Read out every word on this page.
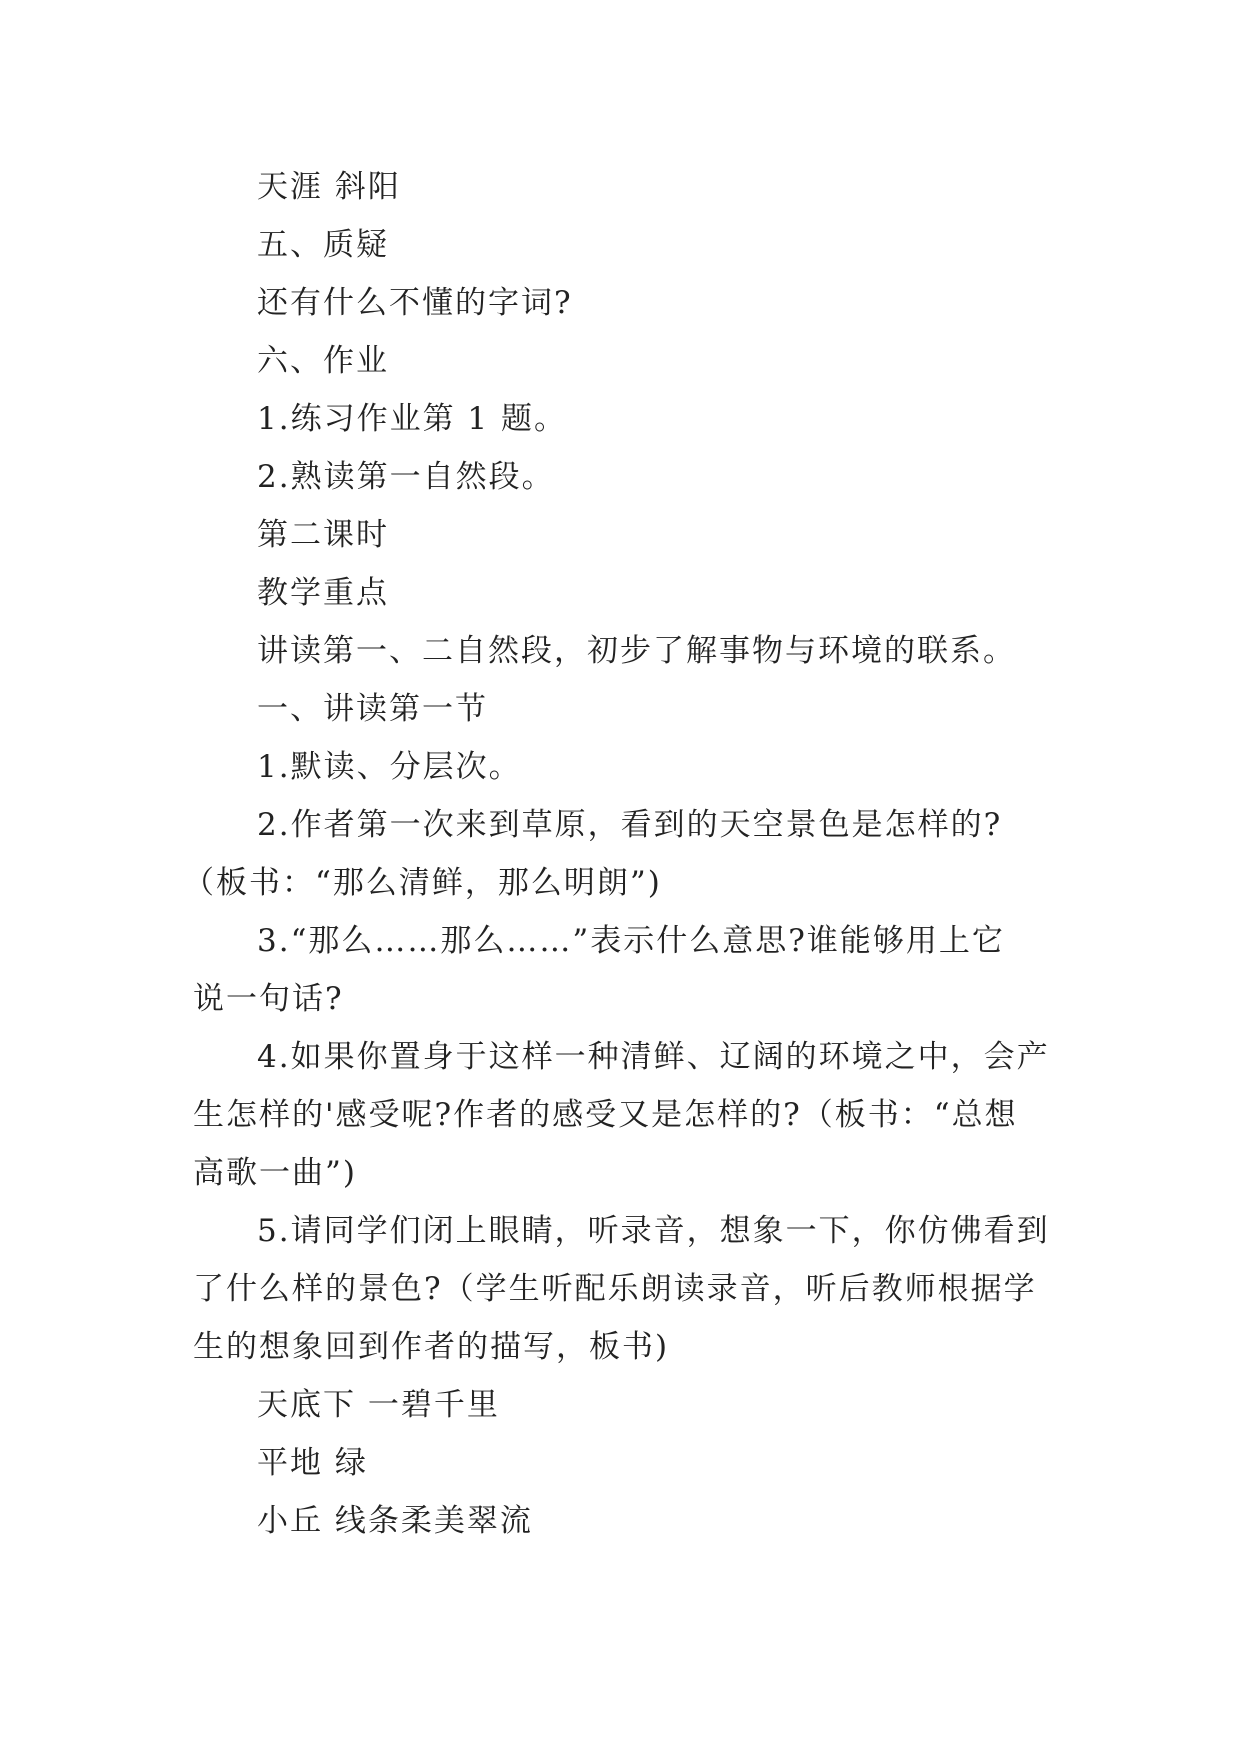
天涯 斜阳
五、质疑
还有什么不懂的字词?
六、作业
1.练习作业第 1 题。
2.熟读第一自然段。
第二课时
教学重点
讲读第一、二自然段，初步了解事物与环境的联系。
一、讲读第一节
1.默读、分层次。
2.作者第一次来到草原，看到的天空景色是怎样的?
（板书：“那么清鲜，那么明朗”)
3.“那么……那么……”表示什么意思?谁能够用上它
说一句话?
4.如果你置身于这样一种清鲜、辽阔的环境之中，会产
生怎样的'感受呢?作者的感受又是怎样的?（板书：“总想
高歌一曲”)
5.请同学们闭上眼睛，听录音，想象一下，你仿佛看到
了什么样的景色?（学生听配乐朗读录音，听后教师根据学
生的想象回到作者的描写，板书)
天底下 一碧千里
平地 绿
小丘 线条柔美翠流
